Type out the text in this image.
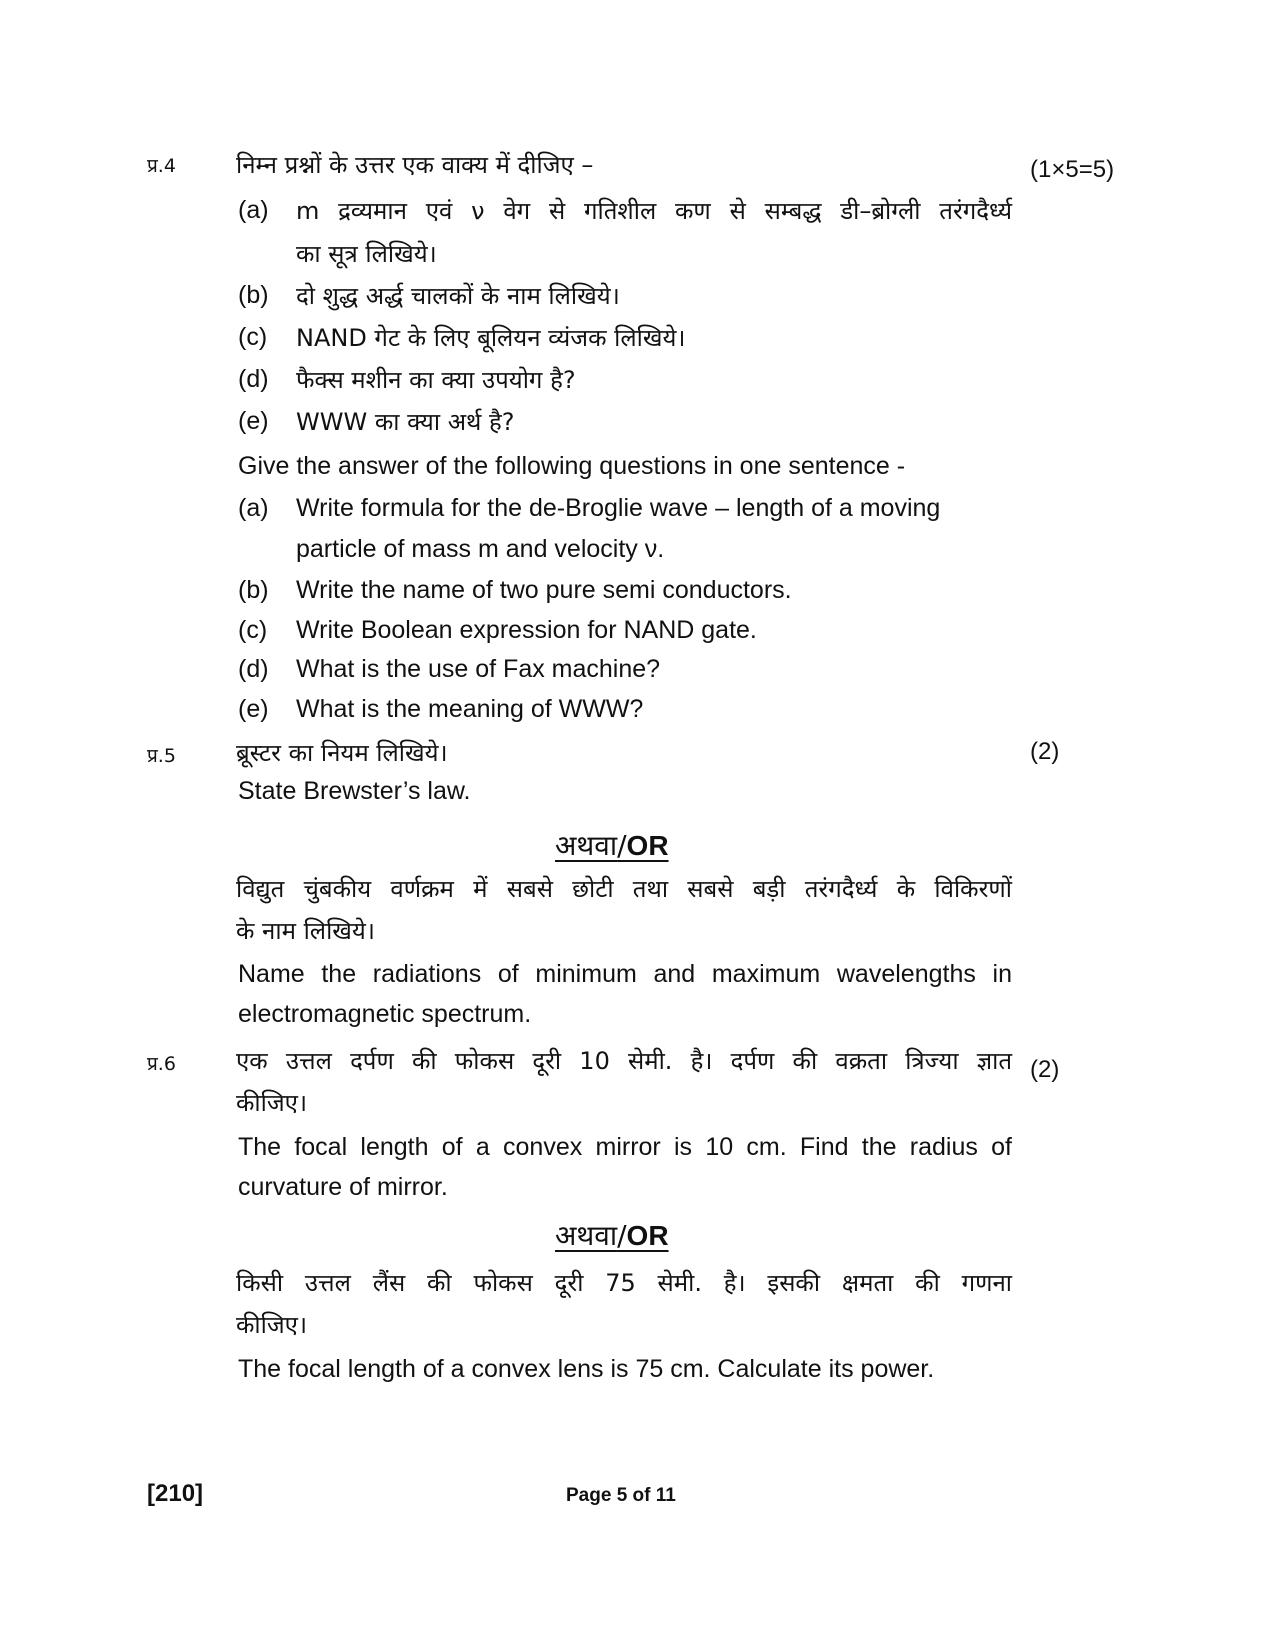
प्र.4	निम्न प्रश्नों के उत्तर एक वाक्य में दीजिए –	(1×5=5)
(a) m द्रव्यमान एवं ν वेग से गतिशील कण से सम्बद्ध डी–ब्रोग्ली तरंगदैर्ध्य
का सूत्र लिखिये।
(b) दो शुद्ध अर्द्ध चालकों के नाम लिखिये।
(c) NAND गेट के लिए बूलियन व्यंजक लिखिये।
(d) फैक्स मशीन का क्या उपयोग है?
(e) WWW का क्या अर्थ है?
Give the answer of the following questions in one sentence -
(a) Write formula for the de-Broglie wave – length of a moving
particle of mass m and velocity ν.
(b) Write the name of two pure semi conductors.
(c) Write Boolean expression for NAND gate.
(d) What is the use of Fax machine?
(e) What is the meaning of WWW?
प्र.5	ब्रूस्टर का नियम लिखिये।	(2)
State Brewster’s law.
अथवा/OR
विद्युत चुंबकीय वर्णक्रम में सबसे छोटी तथा सबसे बड़ी तरंगदैर्ध्य के विकिरणों
के नाम लिखिये।
Name the radiations of minimum and maximum wavelengths in
electromagnetic spectrum.
प्र.6	एक उत्तल दर्पण की फोकस दूरी 10 सेमी. है। दर्पण की वक्रता त्रिज्या ज्ञात (2)
कीजिए।
The focal length of a convex mirror is 10 cm. Find the radius of
curvature of mirror.
अथवा/OR
किसी उत्तल लैंस की फोकस दूरी 75 सेमी. है। इसकी क्षमता की गणना
कीजिए।
The focal length of a convex lens is 75 cm. Calculate its power.
[210]	Page 5 of 11
